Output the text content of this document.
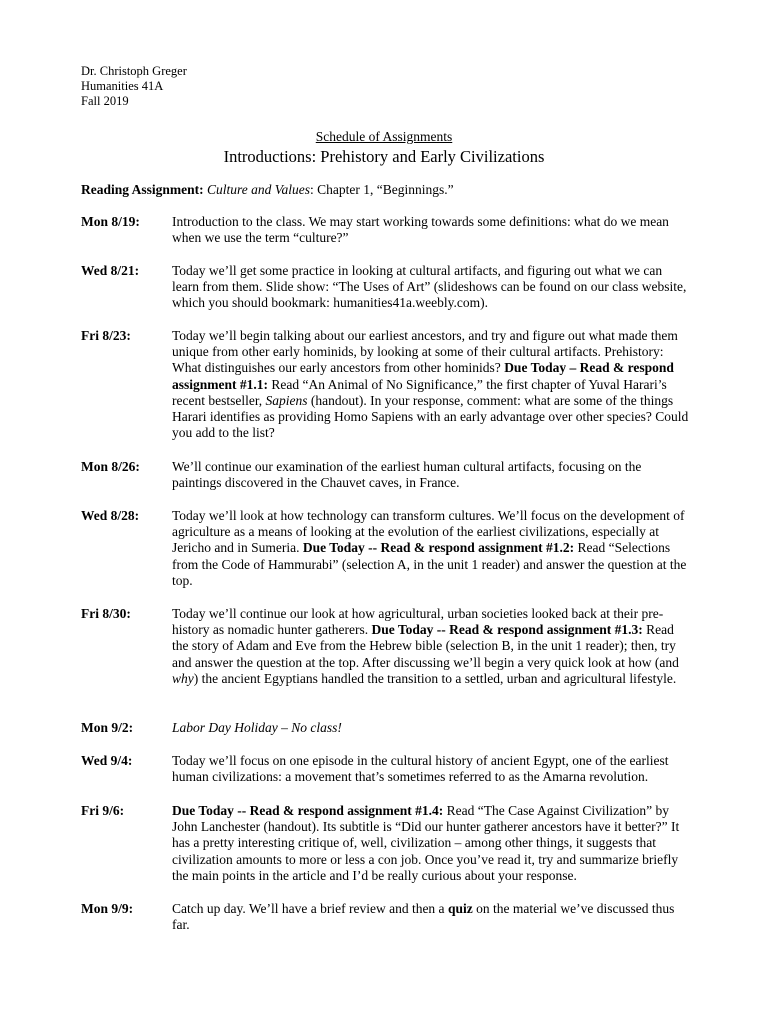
Dr. Christoph Greger
Humanities 41A
Fall 2019
Schedule of Assignments
Introductions: Prehistory and Early Civilizations
Reading Assignment: Culture and Values: Chapter 1, “Beginnings.”
Mon 8/19: Introduction to the class. We may start working towards some definitions: what do we mean when we use the term “culture?”
Wed 8/21: Today we’ll get some practice in looking at cultural artifacts, and figuring out what we can learn from them. Slide show: “The Uses of Art” (slideshows can be found on our class website, which you should bookmark: humanities41a.weebly.com).
Fri 8/23:	Today we’ll begin talking about our earliest ancestors, and try and figure out what made them unique from other early hominids, by looking at some of their cultural artifacts. Prehistory: What distinguishes our early ancestors from other hominids? Due Today – Read & respond assignment #1.1: Read “An Animal of No Significance,” the first chapter of Yuval Harari’s recent bestseller, Sapiens (handout). In your response, comment: what are some of the things Harari identifies as providing Homo Sapiens with an early advantage over other species? Could you add to the list?
Mon 8/26: We’ll continue our examination of the earliest human cultural artifacts, focusing on the paintings discovered in the Chauvet caves, in France.
Wed 8/28: Today we’ll look at how technology can transform cultures. We’ll focus on the development of agriculture as a means of looking at the evolution of the earliest civilizations, especially at Jericho and in Sumeria. Due Today -- Read & respond assignment #1.2: Read “Selections from the Code of Hammurabi” (selection A, in the unit 1 reader) and answer the question at the top.
Fri 8/30:	Today we’ll continue our look at how agricultural, urban societies looked back at their pre-history as nomadic hunter gatherers. Due Today -- Read & respond assignment #1.3: Read the story of Adam and Eve from the Hebrew bible (selection B, in the unit 1 reader); then, try and answer the question at the top. After discussing we’ll begin a very quick look at how (and why) the ancient Egyptians handled the transition to a settled, urban and agricultural lifestyle.
Mon 9/2:	Labor Day Holiday – No class!
Wed 9/4:	Today we’ll focus on one episode in the cultural history of ancient Egypt, one of the earliest human civilizations: a movement that’s sometimes referred to as the Amarna revolution.
Fri 9/6:	Due Today -- Read & respond assignment #1.4: Read “The Case Against Civilization” by John Lanchester (handout). Its subtitle is “Did our hunter gatherer ancestors have it better?” It has a pretty interesting critique of, well, civilization – among other things, it suggests that civilization amounts to more or less a con job. Once you’ve read it, try and summarize briefly the main points in the article and I’d be really curious about your response.
Mon 9/9:	Catch up day. We’ll have a brief review and then a quiz on the material we’ve discussed thus far.
